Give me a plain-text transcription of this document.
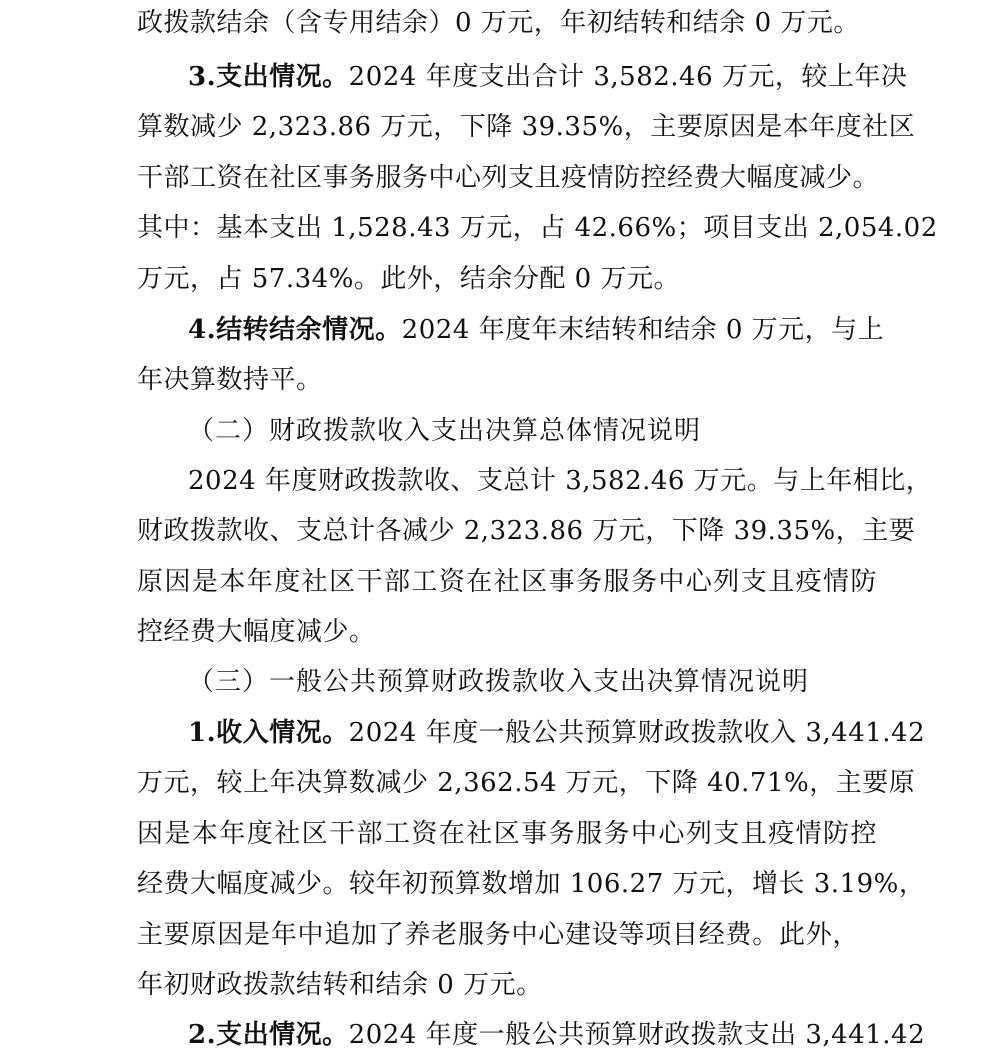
政拨款结余（含专用结余）0 万元，年初结转和结余 0 万元。
3.支出情况。2024 年度支出合计 3,582.46 万元，较上年决
算数减少 2,323.86 万元，下降 39.35%，主要原因是本年度社区
干部工资在社区事务服务中心列支且疫情防控经费大幅度减少。
其中：基本支出 1,528.43 万元，占 42.66%；项目支出 2,054.02
万元，占 57.34%。此外，结余分配 0 万元。
4.结转结余情况。2024 年度年末结转和结余 0 万元，与上
年决算数持平。
（二）财政拨款收入支出决算总体情况说明
2024 年度财政拨款收、支总计 3,582.46 万元。与上年相比，
财政拨款收、支总计各减少 2,323.86 万元，下降 39.35%，主要
原因是本年度社区干部工资在社区事务服务中心列支且疫情防
控经费大幅度减少。
（三）一般公共预算财政拨款收入支出决算情况说明
1.收入情况。2024 年度一般公共预算财政拨款收入 3,441.42
万元，较上年决算数减少 2,362.54 万元，下降 40.71%，主要原
因是本年度社区干部工资在社区事务服务中心列支且疫情防控
经费大幅度减少。较年初预算数增加 106.27 万元，增长 3.19%，
主要原因是年中追加了养老服务中心建设等项目经费。此外，
年初财政拨款结转和结余 0 万元。
2.支出情况。2024 年度一般公共预算财政拨款支出 3,441.42
